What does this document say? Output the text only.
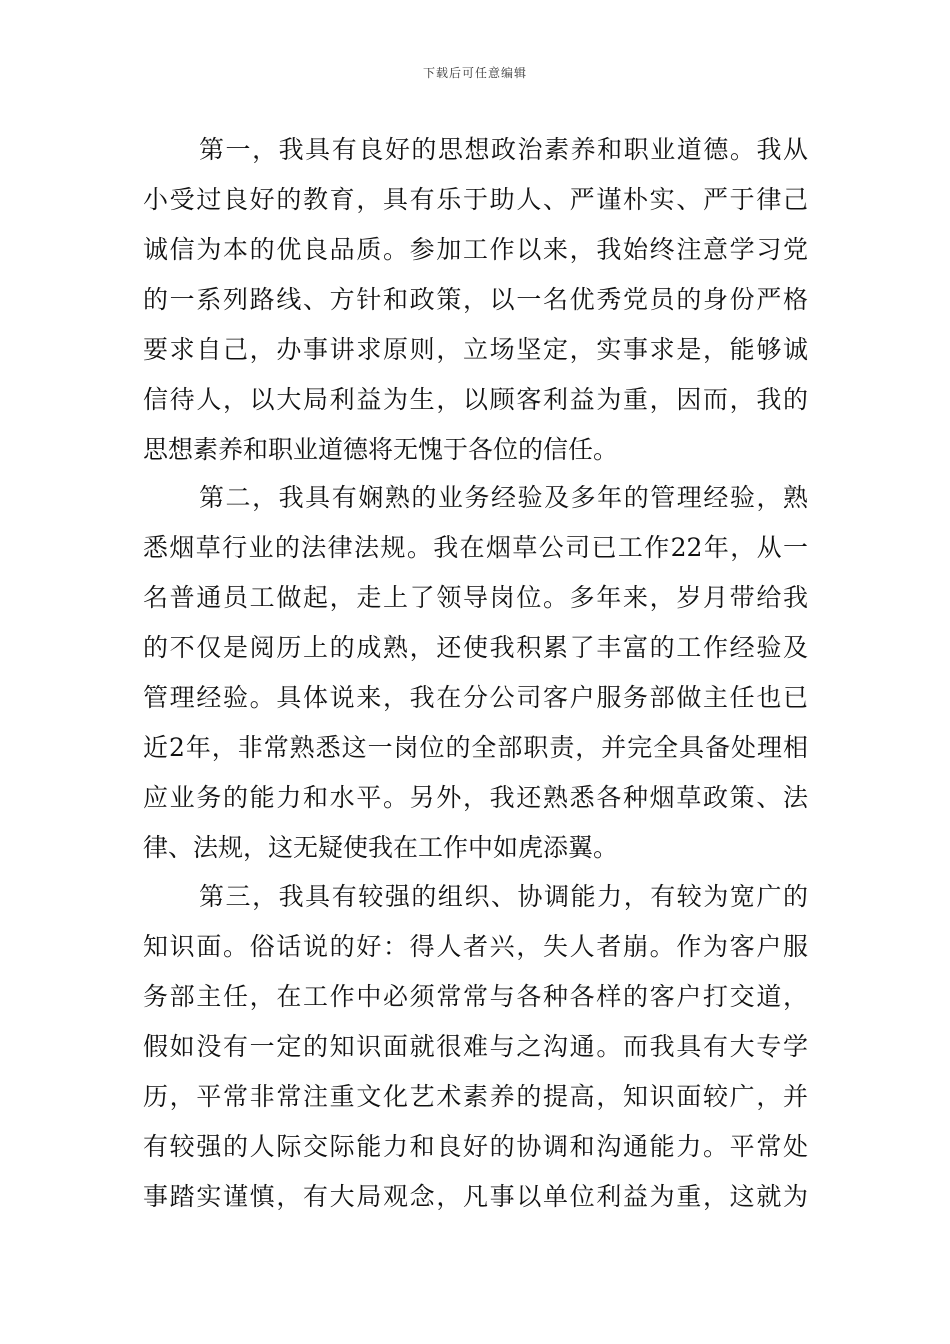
下载后可任意编辑
第一，我具有良好的思想政治素养和职业道德。我从
小受过良好的教育，具有乐于助人、严谨朴实、严于律己
诚信为本的优良品质。参加工作以来，我始终注意学习党
的一系列路线、方针和政策，以一名优秀党员的身份严格
要求自己，办事讲求原则，立场坚定，实事求是，能够诚
信待人，以大局利益为生，以顾客利益为重，因而，我的
思想素养和职业道德将无愧于各位的信任。
第二，我具有娴熟的业务经验及多年的管理经验，熟
悉烟草行业的法律法规。我在烟草公司已工作22年，从一
名普通员工做起，走上了领导岗位。多年来，岁月带给我
的不仅是阅历上的成熟，还使我积累了丰富的工作经验及
管理经验。具体说来，我在分公司客户服务部做主任也已
近2年，非常熟悉这一岗位的全部职责，并完全具备处理相
应业务的能力和水平。另外，我还熟悉各种烟草政策、法
律、法规，这无疑使我在工作中如虎添翼。
第三，我具有较强的组织、协调能力，有较为宽广的
知识面。俗话说的好：得人者兴，失人者崩。作为客户服
务部主任，在工作中必须常常与各种各样的客户打交道，
假如没有一定的知识面就很难与之沟通。而我具有大专学
历，平常非常注重文化艺术素养的提高，知识面较广，并
有较强的人际交际能力和良好的协调和沟通能力。平常处
事踏实谨慎，有大局观念，凡事以单位利益为重，这就为
